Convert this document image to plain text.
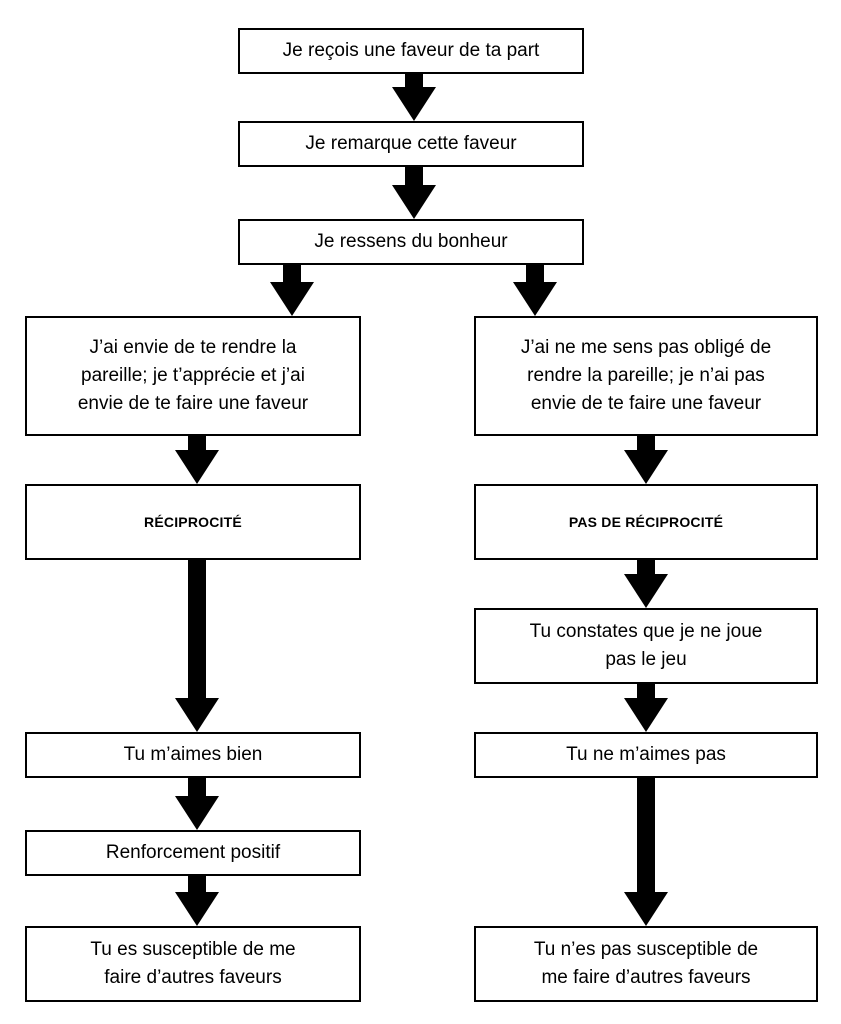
Je reçois une faveur de ta part
Je remarque cette faveur
Je ressens du bonheur
J’ai envie de te rendre la
pareille; je t’apprécie et j’ai
envie de te faire une faveur
J’ai ne me sens pas obligé de
rendre la pareille; je n’ai pas
envie de te faire une faveur
RÉCIPROCITÉ	PAS DE RÉCIPROCITÉ
Tu constates que je ne joue
pas le jeu
Tu m’aimes bien	Tu ne m’aimes pas
Renforcement positif
Tu es susceptible de me
faire d’autres faveurs
Tu n’es pas susceptible de
me faire d’autres faveurs
